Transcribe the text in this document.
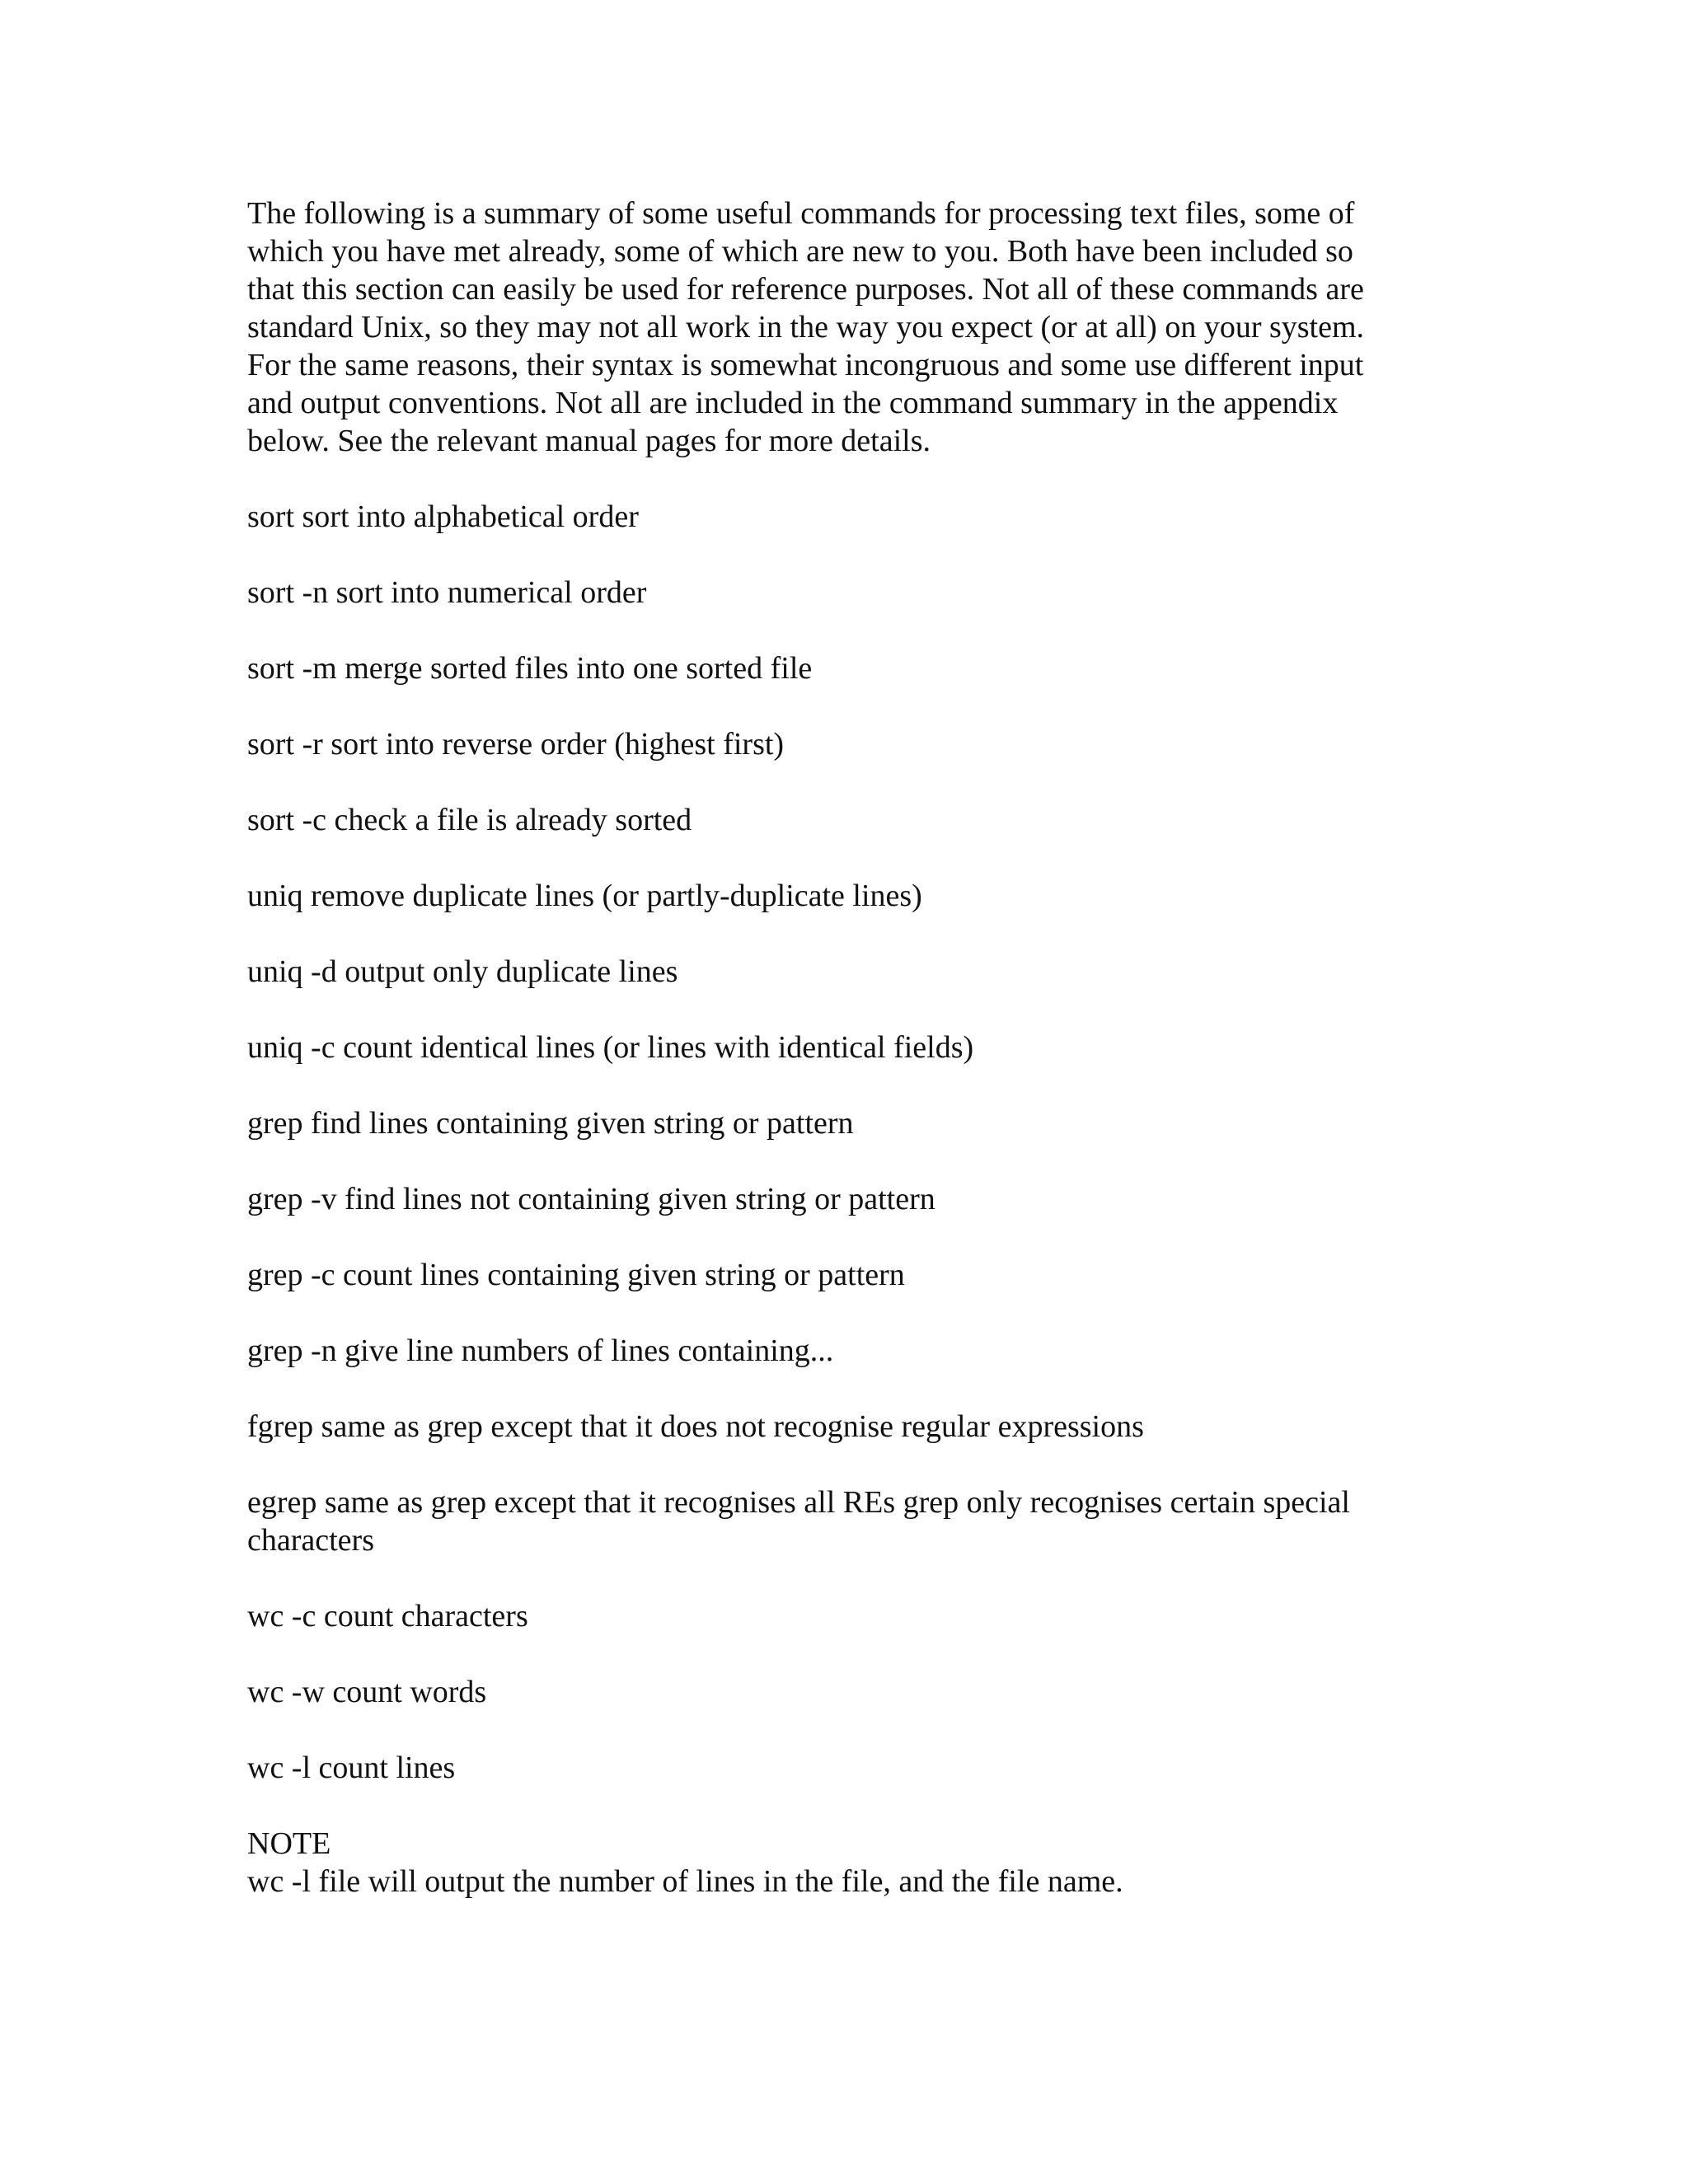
The following is a summary of some useful commands for processing text files, some of
which you have met already, some of which are new to you. Both have been included so
that this section can easily be used for reference purposes. Not all of these commands are
standard Unix, so they may not all work in the way you expect (or at all) on your system.
For the same reasons, their syntax is somewhat incongruous and some use different input
and output conventions. Not all are included in the command summary in the appendix
below. See the relevant manual pages for more details.

sort sort into alphabetical order

sort -n sort into numerical order

sort -m merge sorted files into one sorted file

sort -r sort into reverse order (highest first)

sort -c check a file is already sorted

uniq remove duplicate lines (or partly-duplicate lines)

uniq -d output only duplicate lines

uniq -c count identical lines (or lines with identical fields)

grep find lines containing given string or pattern

grep -v find lines not containing given string or pattern

grep -c count lines containing given string or pattern

grep -n give line numbers of lines containing...

fgrep same as grep except that it does not recognise regular expressions

egrep same as grep except that it recognises all REs grep only recognises certain special
characters

wc -c count characters

wc -w count words

wc -l count lines

NOTE
wc -l file will output the number of lines in the file, and the file name.
